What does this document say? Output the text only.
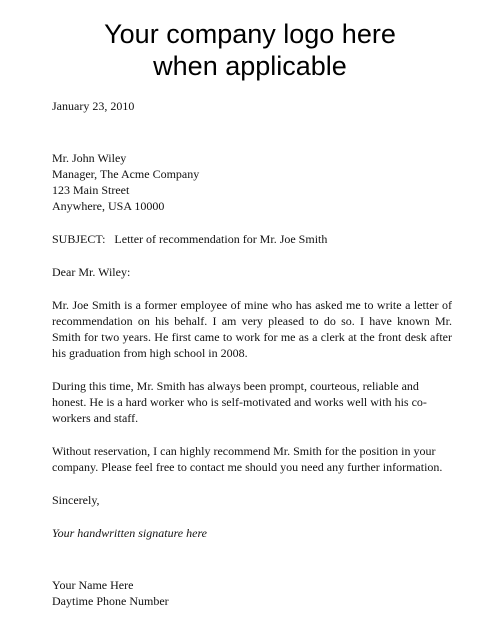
Your company logo here
when applicable
January 23, 2010
Mr. John Wiley
Manager, The Acme Company
123 Main Street
Anywhere, USA 10000
SUBJECT:   Letter of recommendation for Mr. Joe Smith
Dear Mr. Wiley:

Mr. Joe Smith is a former employee of mine who has asked me to write a letter of recommendation on his behalf. I am very pleased to do so. I have known Mr. Smith for two years. He first came to work for me as a clerk at the front desk after his graduation from high school in 2008.

During this time, Mr. Smith has always been prompt, courteous, reliable and honest. He is a hard worker who is self-motivated and works well with his co-workers and staff.

Without reservation, I can highly recommend Mr. Smith for the position in your company. Please feel free to contact me should you need any further information.

Sincerely,
Your handwritten signature here
Your Name Here
Daytime Phone Number
